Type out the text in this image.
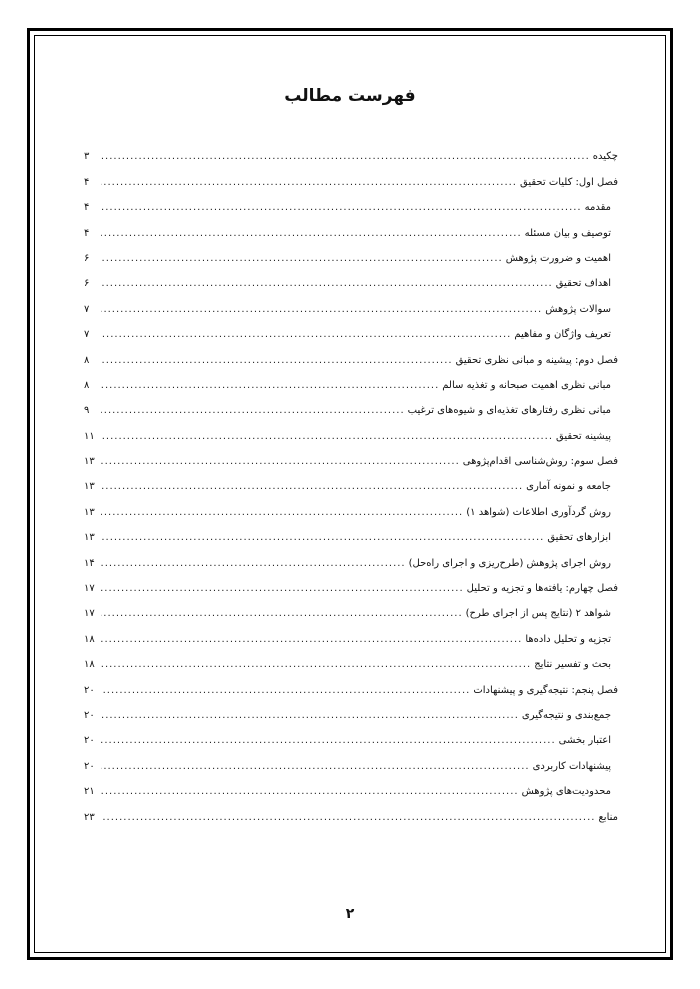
فهرست مطالب
چکیده
.....
۳
فصل اول: کلیات تحقیق
.....
۴
مقدمه
.....
۴
توصیف و بیان مسئله
.....
۴
اهمیت و ضرورت پژوهش
.....
۶
اهداف تحقیق
.....
۶
سوالات پژوهش
.....
۷
تعریف واژگان و مفاهیم
.....
۷
فصل دوم: پیشینه و مبانی نظری تحقیق
.....
۸
مبانی نظری اهمیت صبحانه و تغذیه سالم
.....
۸
مبانی نظری رفتارهای تغذیه‌ای و شیوه‌های ترغیب
.....
۹
پیشینه تحقیق
.....
۱۱
فصل سوم: روش‌شناسی اقدام‌پژوهی
.....
۱۳
جامعه و نمونه آماری
.....
۱۳
روش گردآوری اطلاعات (شواهد ۱)
.....
۱۳
ابزارهای تحقیق
.....
۱۳
روش اجرای پژوهش (طرح‌ریزی و اجرای راه‌حل)
.....
۱۴
فصل چهارم: یافته‌ها و تجزیه و تحلیل
.....
۱۷
شواهد ۲ (نتایج پس از اجرای طرح)
.....
۱۷
تجزیه و تحلیل داده‌ها
.....
۱۸
بحث و تفسیر نتایج
.....
۱۸
فصل پنجم: نتیجه‌گیری و پیشنهادات
.....
۲۰
جمع‌بندی و نتیجه‌گیری
.....
۲۰
اعتبار بخشی
.....
۲۰
پیشنهادات کاربردی
.....
۲۰
محدودیت‌های پژوهش
.....
۲۱
منابع
.....
۲۳
۲
